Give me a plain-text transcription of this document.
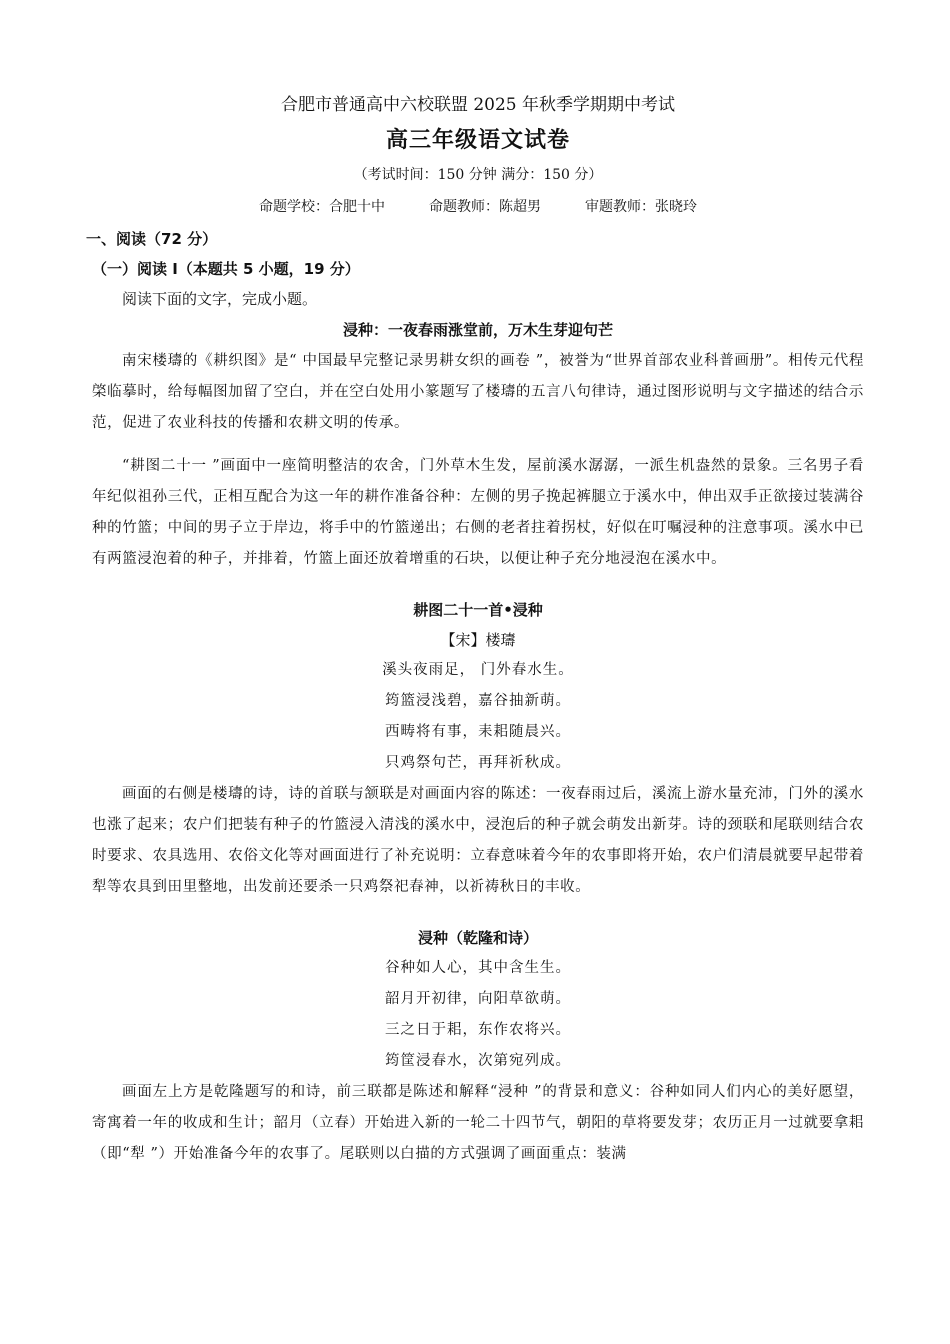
合肥市普通高中六校联盟 2025 年秋季学期期中考试
高三年级语文试卷
（考试时间：150 分钟 满分：150 分）
命题学校：合肥十中	命题教师：陈超男	审题教师：张晓玲
一、阅读（72 分）
（一）阅读 I（本题共 5 小题，19 分）
阅读下面的文字，完成小题。
浸种：一夜春雨涨堂前，万木生芽迎句芒

南宋楼璹的《耕织图》是“ 中国最早完整记录男耕女织的画卷 ”，被誉为“世界首部农业科普画册”。相传元代程棨临摹时，给每幅图加留了空白，并在空白处用小篆题写了楼璹的五言八句律诗，通过图形说明与文字描述的结合示范，促进了农业科技的传播和农耕文明的传承。

“耕图二十一 ”画面中一座简明整洁的农舍，门外草木生发，屋前溪水潺潺，一派生机盎然的景象。三名男子看年纪似祖孙三代，正相互配合为这一年的耕作准备谷种：左侧的男子挽起裤腿立于溪水中，伸出双手正欲接过装满谷种的竹篮；中间的男子立于岸边，将手中的竹篮递出；右侧的老者拄着拐杖，好似在叮嘱浸种的注意事项。溪水中已有两篮浸泡着的种子，并排着，竹篮上面还放着增重的石块，以便让种子充分地浸泡在溪水中。

耕图二十一首•浸种
【宋】楼璹
溪头夜雨足， 门外春水生。
筠篮浸浅碧，嘉谷抽新萌。
西畴将有事，耒耜随晨兴。
只鸡祭句芒，再拜祈秋成。

画面的右侧是楼璹的诗，诗的首联与颔联是对画面内容的陈述：一夜春雨过后，溪流上游水量充沛，门外的溪水也涨了起来；农户们把装有种子的竹篮浸入清浅的溪水中，浸泡后的种子就会萌发出新芽。诗的颈联和尾联则结合农时要求、农具选用、农俗文化等对画面进行了补充说明：立春意味着今年的农事即将开始，农户们清晨就要早起带着犁等农具到田里整地，出发前还要杀一只鸡祭祀春神，以祈祷秋日的丰收。

浸种（乾隆和诗）
谷种如人心，其中含生生。
韶月开初律，向阳草欲萌。
三之日于耜，东作农将兴。
筠筐浸春水，次第宛列成。

画面左上方是乾隆题写的和诗，前三联都是陈述和解释“浸种 ”的背景和意义：谷种如同人们内心的美好愿望，寄寓着一年的收成和生计；韶月（立春）开始进入新的一轮二十四节气，朝阳的草将要发芽；农历正月一过就要拿耜（即“犁 ”）开始准备今年的农事了。尾联则以白描的方式强调了画面重点：装满
